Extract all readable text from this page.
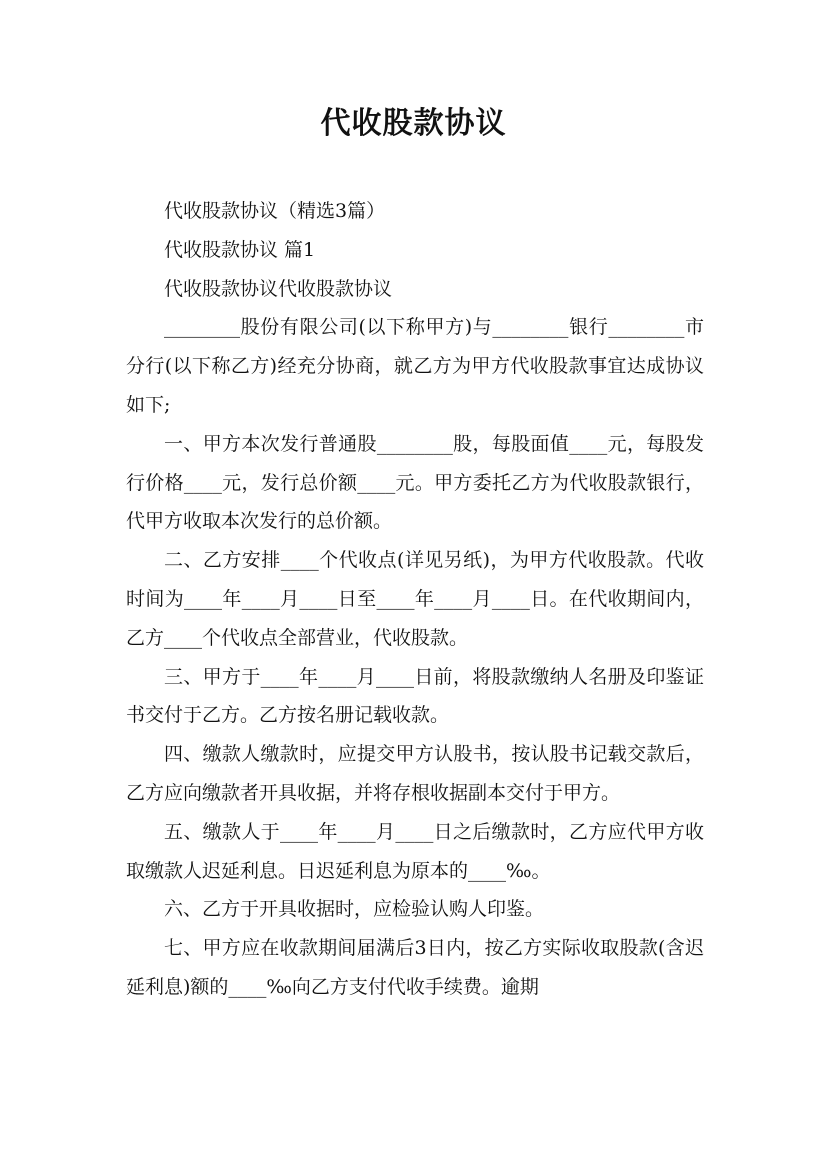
代收股款协议

代收股款协议（精选3篇）

代收股款协议 篇1

代收股款协议代收股款协议

________股份有限公司(以下称甲方)与________银行________市分行(以下称乙方)经充分协商，就乙方为甲方代收股款事宜达成协议如下;

一、甲方本次发行普通股________股，每股面值____元，每股发行价格____元，发行总价额____元。甲方委托乙方为代收股款银行，代甲方收取本次发行的总价额。

二、乙方安排____个代收点(详见另纸)，为甲方代收股款。代收时间为____年____月____日至____年____月____日。在代收期间内，乙方____个代收点全部营业，代收股款。

三、甲方于____年____月____日前，将股款缴纳人名册及印鉴证书交付于乙方。乙方按名册记载收款。

四、缴款人缴款时，应提交甲方认股书，按认股书记载交款后，乙方应向缴款者开具收据，并将存根收据副本交付于甲方。

五、缴款人于____年____月____日之后缴款时，乙方应代甲方收取缴款人迟延利息。日迟延利息为原本的____‰。

六、乙方于开具收据时，应检验认购人印鉴。

七、甲方应在收款期间届满后3日内，按乙方实际收取股款(含迟延利息)额的____‰向乙方支付代收手续费。逾期
